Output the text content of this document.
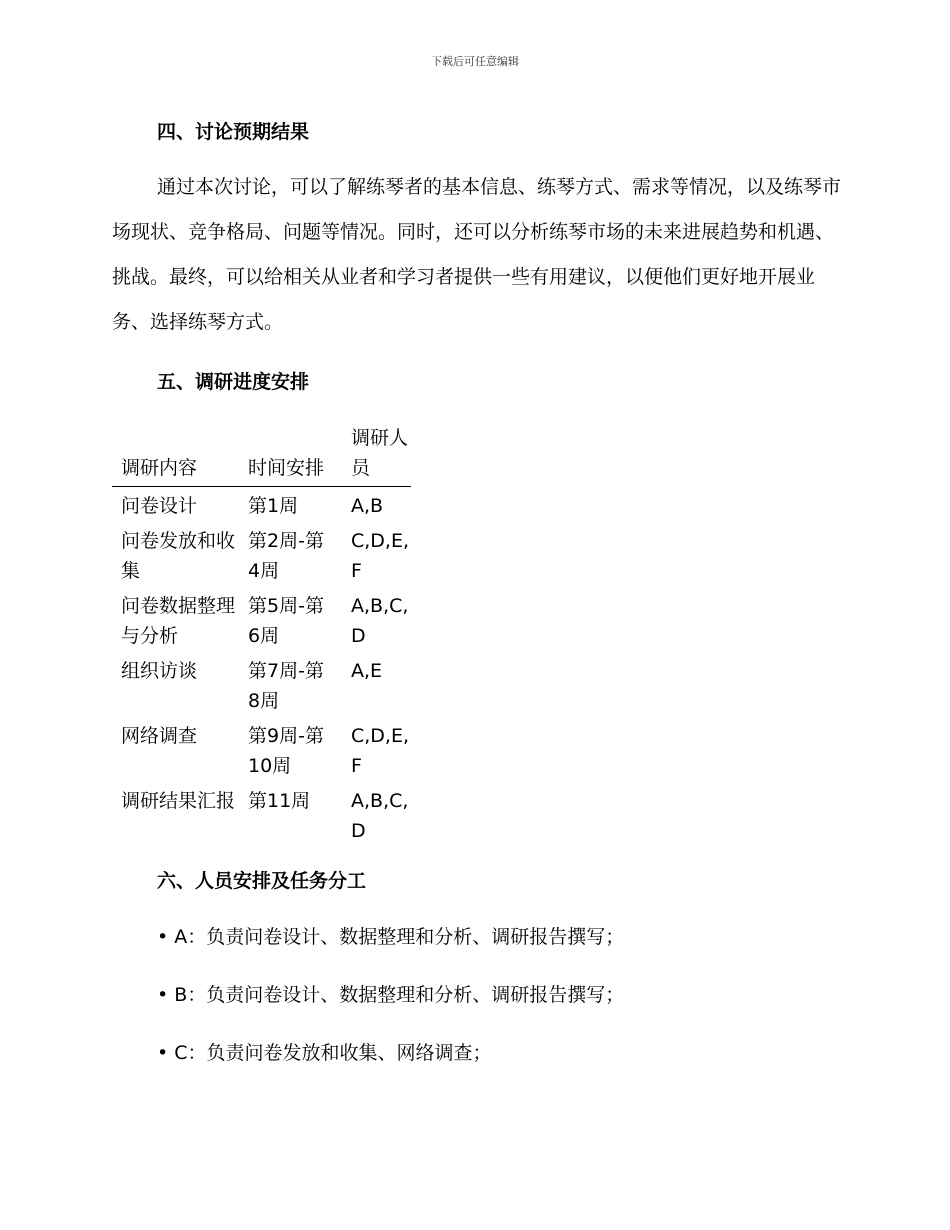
下载后可任意编辑
四、讨论预期结果

通过本次讨论，可以了解练琴者的基本信息、练琴方式、需求等情况，以及练琴市场现状、竞争格局、问题等情况。同时，还可以分析练琴市场的未来进展趋势和机遇、挑战。最终，可以给相关从业者和学习者提供一些有用建议，以便他们更好地开展业务、选择练琴方式。

五、调研进度安排
调研内容	时间安排	调研人员
问卷设计	第1周	A,B
问卷发放和收集	第2周-第4周	C,D,E,F
问卷数据整理与分析	第5周-第6周	A,B,C,D
组织访谈	第7周-第8周	A,E
网络调查	第9周-第10周	C,D,E,F
调研结果汇报	第11周	A,B,C,D
六、人员安排及任务分工
• A：负责问卷设计、数据整理和分析、调研报告撰写；
• B：负责问卷设计、数据整理和分析、调研报告撰写；
• C：负责问卷发放和收集、网络调查；
